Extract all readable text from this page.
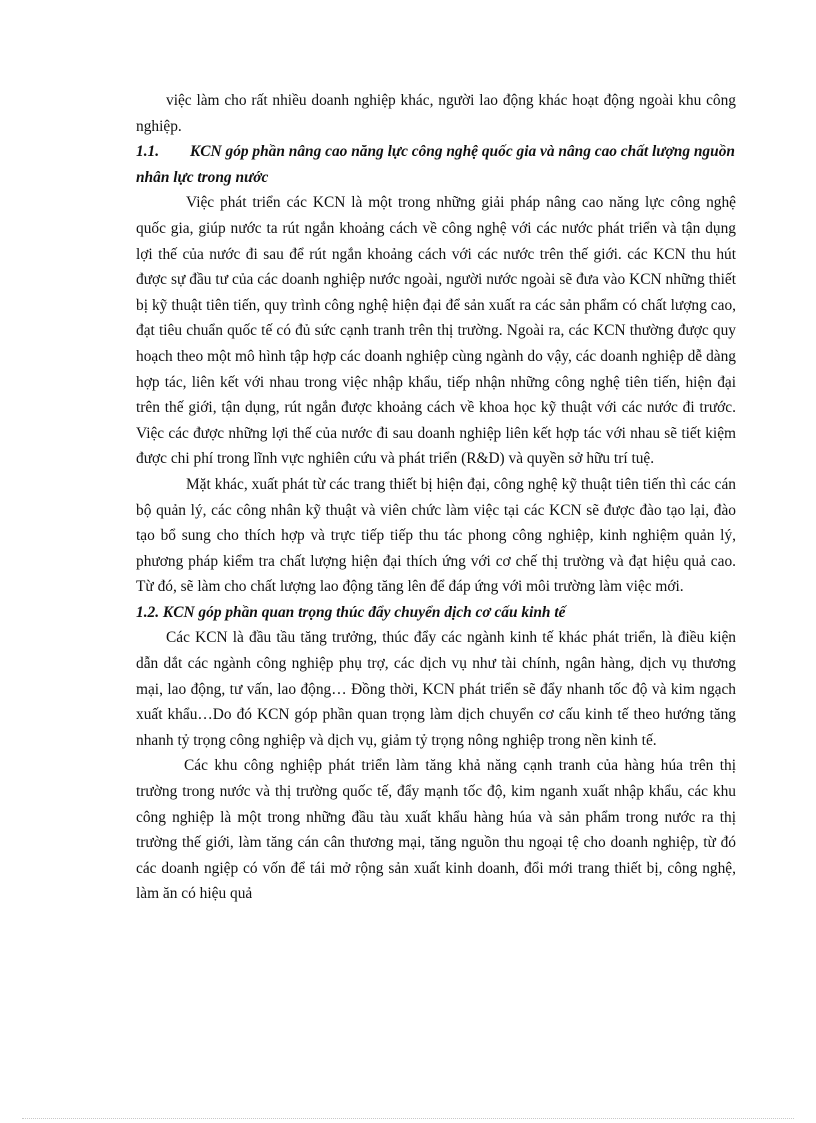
việc làm cho rất nhiều doanh nghiệp khác, người lao động khác hoạt động ngoài khu công nghiệp.

1.1. KCN góp phần nâng cao năng lực công nghệ quốc gia và nâng cao chất lượng nguồn nhân lực trong nước

Việc phát triển các KCN là một trong những giải pháp nâng cao năng lực công nghệ quốc gia, giúp nước ta rút ngắn khoảng cách về công nghệ với các nước phát triển và tận dụng lợi thế của nước đi sau để rút ngắn khoảng cách với các nước trên thế giới. các KCN thu hút được sự đầu tư của các doanh nghiệp nước ngoài, người nước ngoài sẽ đưa vào KCN những thiết bị kỹ thuật tiên tiến, quy trình công nghệ hiện đại để sản xuất ra các sản phẩm có chất lượng cao, đạt tiêu chuẩn quốc tế có đủ sức cạnh tranh trên thị trường. Ngoài ra, các KCN thường được quy hoạch theo một mô hình tập hợp các doanh nghiệp cùng ngành do vậy, các doanh nghiệp dễ dàng hợp tác, liên kết với nhau trong việc nhập khẩu, tiếp nhận những công nghệ tiên tiến, hiện đại trên thế giới, tận dụng, rút ngắn được khoảng cách về khoa học kỹ thuật với các nước đi trước. Việc các được những lợi thế của nước đi sau doanh nghiệp liên kết hợp tác với nhau sẽ tiết kiệm được chi phí trong lĩnh vực nghiên cứu và phát triển (R&D) và quyền sở hữu trí tuệ.

Mặt khác, xuất phát từ các trang thiết bị hiện đại, công nghệ kỹ thuật tiên tiến thì các cán bộ quản lý, các công nhân kỹ thuật và viên chức làm việc tại các KCN sẽ được đào tạo lại, đào tạo bổ sung cho thích hợp và trực tiếp tiếp thu tác phong công nghiệp, kinh nghiệm quản lý, phương pháp kiểm tra chất lượng hiện đại thích ứng với cơ chế thị trường và đạt hiệu quả cao. Từ đó, sẽ làm cho chất lượng lao động tăng lên để đáp ứng với môi trường làm việc mới.

1.2. KCN góp phần quan trọng thúc đẩy chuyển dịch cơ cấu kinh tế

Các KCN là đầu tầu tăng trưởng, thúc đẩy các ngành kinh tế khác phát triển, là điều kiện dẫn dắt các ngành công nghiệp phụ trợ, các dịch vụ như tài chính, ngân hàng, dịch vụ thương mại, lao động, tư vấn, lao động… Đồng thời, KCN phát triển sẽ đẩy nhanh tốc độ và kim ngạch xuất khẩu…Do đó KCN góp phần quan trọng làm dịch chuyển cơ cấu kinh tế theo hướng tăng nhanh tỷ trọng công nghiệp và dịch vụ, giảm tỷ trọng nông nghiệp trong nền kinh tế.

Các khu công nghiệp phát triển làm tăng khả năng cạnh tranh của hàng húa trên thị trường trong nước và thị trường quốc tế, đẩy mạnh tốc độ, kim nganh xuất nhập khẩu, các khu công nghiệp là một trong những đầu tàu xuất khẩu hàng húa và sản phẩm trong nước ra thị trường thế giới, làm tăng cán cân thương mại, tăng nguồn thu ngoại tệ cho doanh nghiệp, từ đó các doanh ngiệp có vốn để tái mở rộng sản xuất kinh doanh, đổi mới trang thiết bị, công nghệ, làm ăn có hiệu quả
